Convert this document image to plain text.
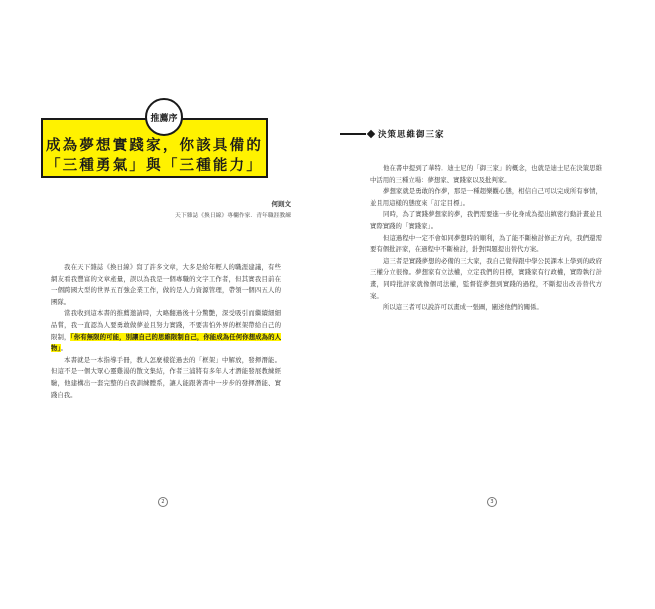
成為夢想實踐家，你該具備的
「三種勇氣」與「三種能力」
推薦序
何則文
天下雜誌《換日線》專欄作家．青年職涯教練

我在天下雜誌《換日線》寫了許多文章，大多是給年輕人的職涯建議，有些網友看我豐富的文章產量，誤以為我是一個專職的文字工作者，但其實我目前在一個跨國大型的世界五百強企業工作，做的是人力資源管理，帶領一個四五人的團隊。

當我收到這本書的推薦邀請時，大略翻過後十分驚艷，深受吸引而繼續細細品嘗，我一直認為人要勇敢做夢並且努力實踐，不要害怕外界的框架帶給自己的限制，「你有無限的可能，別讓自己的思維限制自己，你能成為任何你想成為的人物」。

本書就是一本指導手冊，教人怎麼樣從過去的「框架」中解放，發揮潛能。但這不是一個大眾心靈雞湯的散文集結，作者三浦將有多年人才潛能發展教練經驗，他建構出一套完整的自我訓練體系，讓人能跟著書中一步步的發揮潛能、實踐自我。

2
決策思維御三家

他在書中提到了華特．迪士尼的「御三家」的概念，也就是迪士尼在決策思維中活用的三種立場：夢想家、實踐家以及批判家。

夢想家就是勇敢的作夢，那是一種超樂觀心態，相信自己可以完成所有事情，並且用這樣的態度來「訂定目標」。

同時，為了實踐夢想家的夢，我們需要進一步化身成為提出縝密行動計畫並且實際實踐的「實踐家」。

但這過程中一定不會如同夢想時的順利，為了能不斷檢討修正方向，我們還需要有個批評家，在過程中不斷檢討，針對問題提出替代方案。

這三者是實踐夢想的必備的三大家，我自己覺得跟中學公民課本上學到的政府三權分立很像。夢想家有立法權，立定我們的目標，實踐家有行政權，實際執行計畫，同時批評家就像個司法權，監督從夢想到實踐的過程，不斷提出改善替代方案。

所以這三者可以說許可以畫成一張圖，闡述他們的關係。

3
